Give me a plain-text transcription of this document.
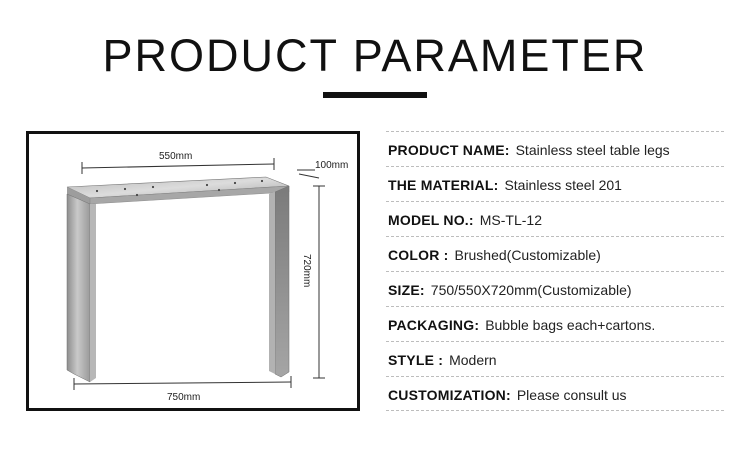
PRODUCT PARAMETER
550mm
100mm
720mm
750mm
PRODUCT NAME: Stainless steel table legs
THE MATERIAL: Stainless steel 201
MODEL NO.: MS-TL-12
COLOR : Brushed(Customizable)
SIZE: 750/550X720mm(Customizable)
PACKAGING: Bubble bags each+cartons.
STYLE : Modern
CUSTOMIZATION: Please consult us
